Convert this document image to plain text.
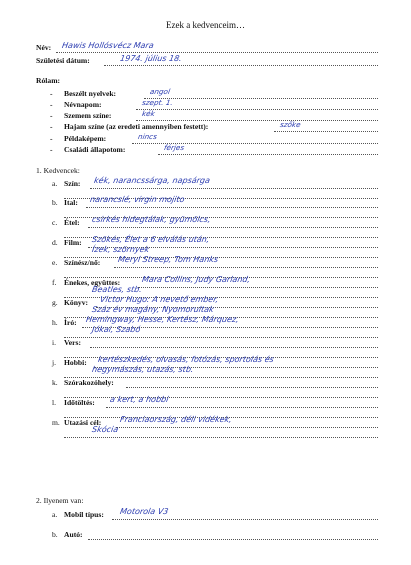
Ezek a kedvenceim…
Név: Hawis Hollósvécz Mara
Születési dátum:	1974. július 18.
Rólam:
- Beszélt nyelvek:	angol
- Névnapom:	szept. 1.
- Szemem színe:	kék
- Hajam színe (az eredeti amennyiben festett):	szőke
- Példaképem:	nincs
- Családi állapotom:	férjes
1. Kedvencek:
a. Szín: kék, narancssárga, napsárga
b. Ital: narancslé, virgin mojito
c. Étel: csirkés hidegtálak, gyümölcs,
d. Film: Szökés, Élet a 6 elválás után,
Ízek, szörnyek
e. Színész/nő: Meryl Streep, Tom Hanks
f. Énekes, együttes:	Mara Collins, Judy Garland,
Beatles, stb.
g. Könyv: Victor Hugo: A nevető ember,
Száz év magány, Nyomorultak
h. Író: Hemingway, Hesse, Kertész, Márquez,
Jókai, Szabó
i. Vers:
j. Hobbi: kertészkedés, olvasás, fotózás, sportolás és
hegymászás, utazás, stb.
k. Szórakozóhely:
l. Időtöltés: a kert, a hobbi
m. Utazási cél: Franciaország, déli vidékek,
Skócia
2. Ilyenem van:
a. Mobil típus: Motorola V3
b. Autó:
